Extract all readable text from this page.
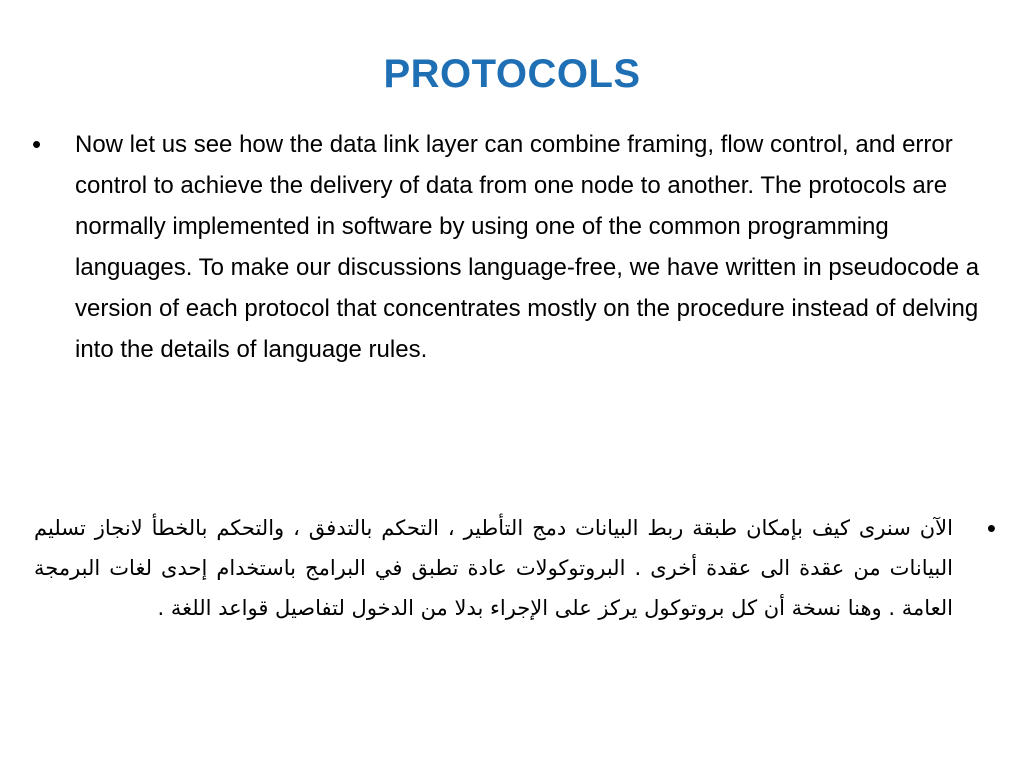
PROTOCOLS
• Now let us see how the data link layer can combine framing, flow control, and error control to achieve the delivery of data from one node to another. The protocols are normally implemented in software by using one of the common programming languages. To make our discussions language-free, we have written in pseudocode a version of each protocol that concentrates mostly on the procedure instead of delving into the details of language rules.
•
الآن سنرى كيف بإمكان طبقة ربط البيانات دمج التأطير ، التحكم بالتدفق ، والتحكم بالخطأ لانجاز تسليم البيانات من عقدة الى عقدة أخرى . البروتوكولات عادة تطبق في البرامج باستخدام إحدى لغات البرمجة العامة . وهنا نسخة أن كل بروتوكول يركز على الإجراء بدلا من الدخول لتفاصيل قواعد اللغة .
